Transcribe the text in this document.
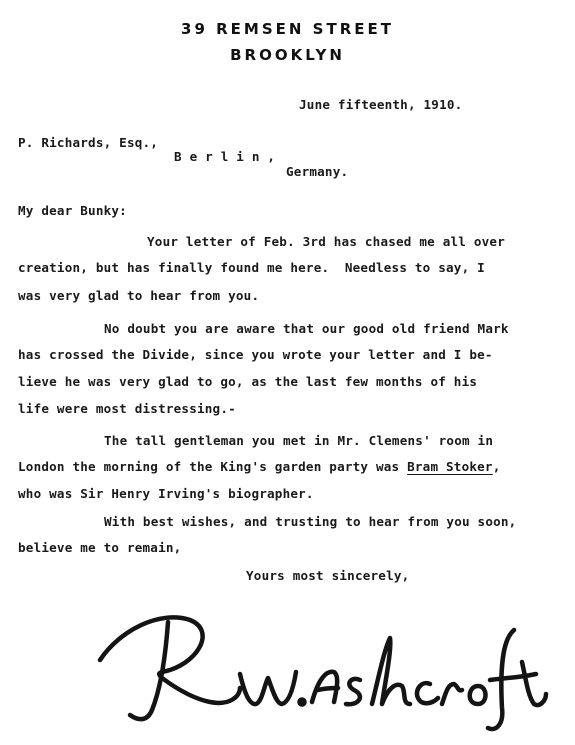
39 REMSEN STREET
BROOKLYN
June fifteenth, 1910.
P. Richards, Esq.,
B e r l i n ,
Germany.
My dear Bunky:
Your letter of Feb. 3rd has chased me all over
creation, but has finally found me here.  Needless to say, I
was very glad to hear from you.
No doubt you are aware that our good old friend Mark
has crossed the Divide, since you wrote your letter and I be-
lieve he was very glad to go, as the last few months of his
life were most distressing.-
The tall gentleman you met in Mr. Clemens' room in
London the morning of the King's garden party was Bram Stoker,
who was Sir Henry Irving's biographer.
With best wishes, and trusting to hear from you soon,
believe me to remain,
Yours most sincerely,
